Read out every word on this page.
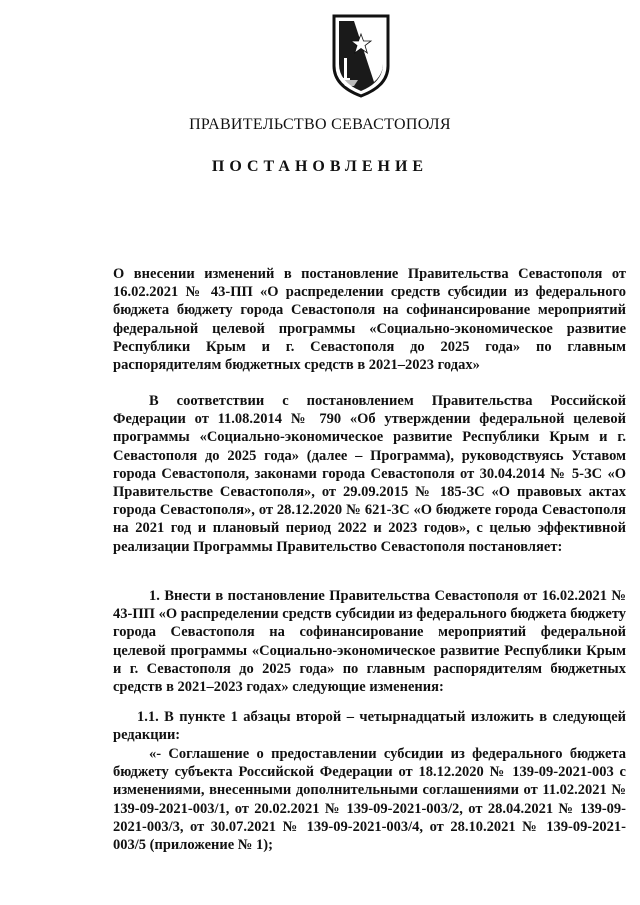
ПРАВИТЕЛЬСТВО СЕВАСТОПОЛЯ
ПОСТАНОВЛЕНИЕ
О внесении изменений в постановление Правительства Севастополя от 16.02.2021 № 43-ПП «О распределении средств субсидии из федерального бюджета бюджету города Севастополя на софинансирование мероприятий федеральной целевой программы «Социально-экономическое развитие Республики Крым и г. Севастополя до 2025 года» по главным распорядителям бюджетных средств в 2021–2023 годах»
В соответствии с постановлением Правительства Российской Федерации от 11.08.2014 № 790 «Об утверждении федеральной целевой программы «Социально-экономическое развитие Республики Крым и г. Севастополя до 2025 года» (далее – Программа), руководствуясь Уставом города Севастополя, законами города Севастополя от 30.04.2014 № 5-ЗС «О Правительстве Севастополя», от 29.09.2015 № 185-ЗС «О правовых актах города Севастополя», от 28.12.2020 № 621-ЗС «О бюджете города Севастополя на 2021 год и плановый период 2022 и 2023 годов», с целью эффективной реализации Программы Правительство Севастополя постановляет:
1. Внести в постановление Правительства Севастополя от 16.02.2021 № 43-ПП «О распределении средств субсидии из федерального бюджета бюджету города Севастополя на софинансирование мероприятий федеральной целевой программы «Социально-экономическое развитие Республики Крым и г. Севастополя до 2025 года» по главным распорядителям бюджетных средств в 2021–2023 годах» следующие изменения:
1.1. В пункте 1 абзацы второй – четырнадцатый изложить в следующей редакции:
«- Соглашение о предоставлении субсидии из федерального бюджета бюджету субъекта Российской Федерации от 18.12.2020 № 139-09-2021-003 с изменениями, внесенными дополнительными соглашениями от 11.02.2021 № 139-09-2021-003/1, от 20.02.2021 № 139-09-2021-003/2, от 28.04.2021 № 139-09-2021-003/3, от 30.07.2021 № 139-09-2021-003/4, от 28.10.2021 № 139-09-2021-003/5 (приложение № 1);
